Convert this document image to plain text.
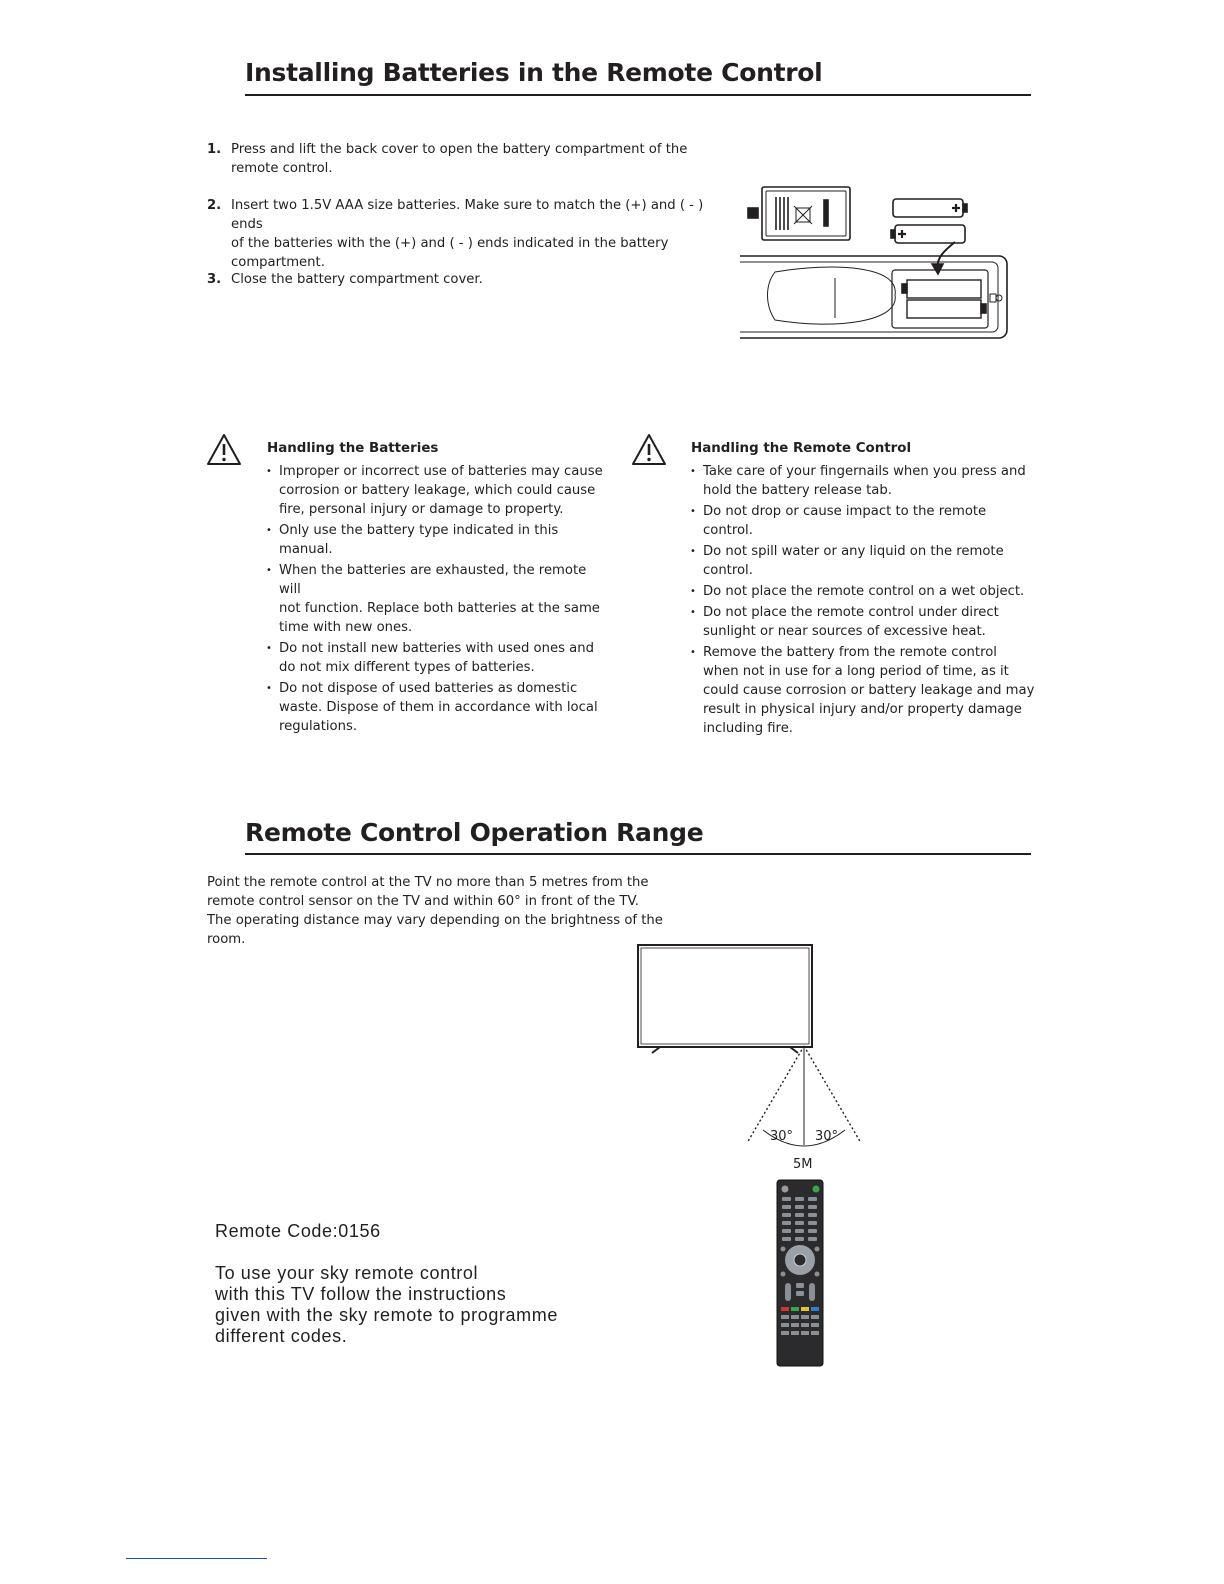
Installing Batteries in the Remote Control
1. Press and lift the back cover to open the battery compartment of the
remote control.
2. Insert two 1.5V AAA size batteries. Make sure to match the (+) and ( - ) ends
of the batteries with the (+) and ( - ) ends indicated in the battery
compartment.
3. Close the battery compartment cover.
Handling the Batteries
• Improper or incorrect use of batteries may cause
corrosion or battery leakage, which could cause
fire, personal injury or damage to property.
• Only use the battery type indicated in this
manual.
• When the batteries are exhausted, the remote will
not function. Replace both batteries at the same
time with new ones.
• Do not install new batteries with used ones and
do not mix different types of batteries.
• Do not dispose of used batteries as domestic
waste. Dispose of them in accordance with local
regulations.
Handling the Remote Control
• Take care of your fingernails when you press and
hold the battery release tab.
• Do not drop or cause impact to the remote
control.
• Do not spill water or any liquid on the remote
control.
• Do not place the remote control on a wet object.
• Do not place the remote control under direct
sunlight or near sources of excessive heat.
• Remove the battery from the remote control
when not in use for a long period of time, as it
could cause corrosion or battery leakage and may
result in physical injury and/or property damage
including fire.
Remote Control Operation Range
Point the remote control at the TV no more than 5 metres from the
remote control sensor on the TV and within 60° in front of the TV.
The operating distance may vary depending on the brightness of the
room.
30° 30°
5M
Remote Code:0156
To use your sky remote control
with this TV follow the instructions
given with the sky remote to programme
different codes.
